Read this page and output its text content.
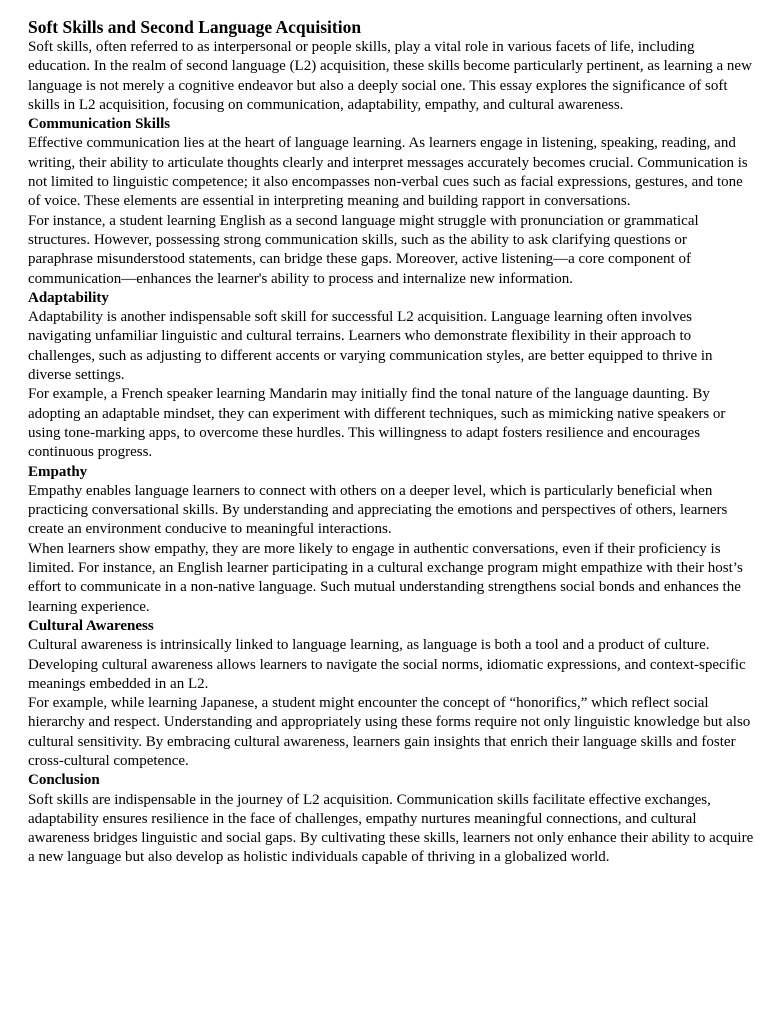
Soft Skills and Second Language Acquisition

Soft skills, often referred to as interpersonal or people skills, play a vital role in various facets of life, including education. In the realm of second language (L2) acquisition, these skills become particularly pertinent, as learning a new language is not merely a cognitive endeavor but also a deeply social one. This essay explores the significance of soft skills in L2 acquisition, focusing on communication, adaptability, empathy, and cultural awareness.

Communication Skills

Effective communication lies at the heart of language learning. As learners engage in listening, speaking, reading, and writing, their ability to articulate thoughts clearly and interpret messages accurately becomes crucial. Communication is not limited to linguistic competence; it also encompasses non-verbal cues such as facial expressions, gestures, and tone of voice. These elements are essential in interpreting meaning and building rapport in conversations.

For instance, a student learning English as a second language might struggle with pronunciation or grammatical structures. However, possessing strong communication skills, such as the ability to ask clarifying questions or paraphrase misunderstood statements, can bridge these gaps. Moreover, active listening—a core component of communication—enhances the learner's ability to process and internalize new information.

Adaptability

Adaptability is another indispensable soft skill for successful L2 acquisition. Language learning often involves navigating unfamiliar linguistic and cultural terrains. Learners who demonstrate flexibility in their approach to challenges, such as adjusting to different accents or varying communication styles, are better equipped to thrive in diverse settings.

For example, a French speaker learning Mandarin may initially find the tonal nature of the language daunting. By adopting an adaptable mindset, they can experiment with different techniques, such as mimicking native speakers or using tone-marking apps, to overcome these hurdles. This willingness to adapt fosters resilience and encourages continuous progress.

Empathy

Empathy enables language learners to connect with others on a deeper level, which is particularly beneficial when practicing conversational skills. By understanding and appreciating the emotions and perspectives of others, learners create an environment conducive to meaningful interactions.

When learners show empathy, they are more likely to engage in authentic conversations, even if their proficiency is limited. For instance, an English learner participating in a cultural exchange program might empathize with their host’s effort to communicate in a non-native language. Such mutual understanding strengthens social bonds and enhances the learning experience.

Cultural Awareness

Cultural awareness is intrinsically linked to language learning, as language is both a tool and a product of culture. Developing cultural awareness allows learners to navigate the social norms, idiomatic expressions, and context-specific meanings embedded in an L2.

For example, while learning Japanese, a student might encounter the concept of “honorifics,” which reflect social hierarchy and respect. Understanding and appropriately using these forms require not only linguistic knowledge but also cultural sensitivity. By embracing cultural awareness, learners gain insights that enrich their language skills and foster cross-cultural competence.

Conclusion

Soft skills are indispensable in the journey of L2 acquisition. Communication skills facilitate effective exchanges, adaptability ensures resilience in the face of challenges, empathy nurtures meaningful connections, and cultural awareness bridges linguistic and social gaps. By cultivating these skills, learners not only enhance their ability to acquire a new language but also develop as holistic individuals capable of thriving in a globalized world.
